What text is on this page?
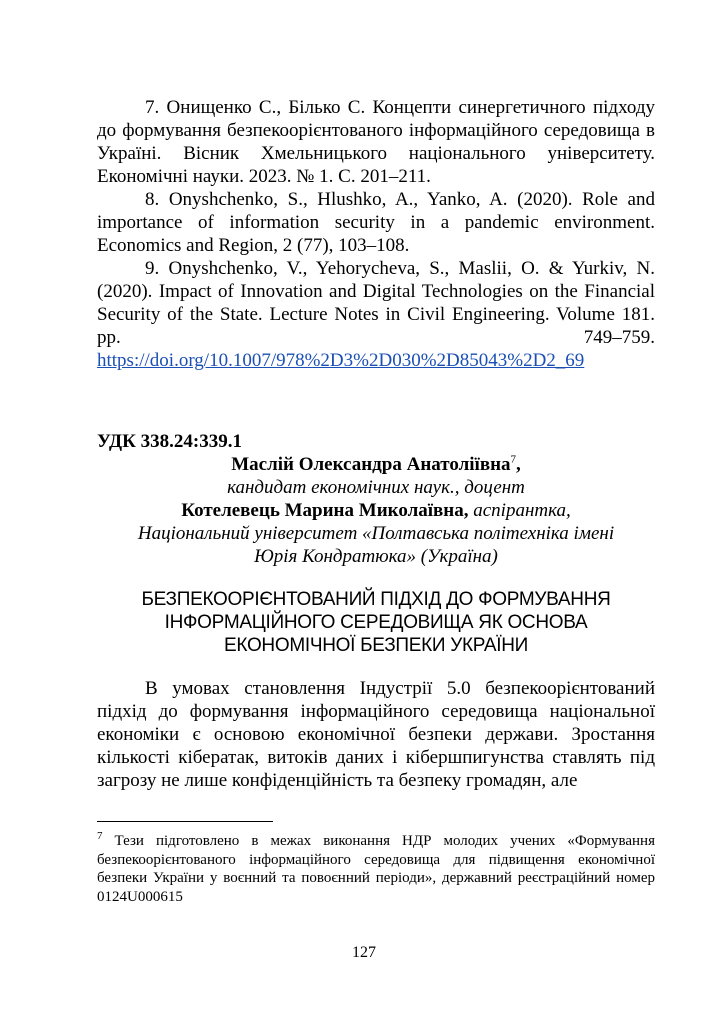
7. Онищенко С., Білько С. Концепти синергетичного підходу до формування безпекоорієнтованого інформаційного середовища в Україні. Вісник Хмельницького національного університету. Економічні науки. 2023. № 1. С. 201–211.

8. Onyshchenko, S., Hlushko, A., Yanko, A. (2020). Role and importance of information security in a pandemic environment. Economics and Region, 2 (77), 103–108.

9. Onyshchenko, V., Yehorycheva, S., Maslii, O. & Yurkiv, N. (2020). Impact of Innovation and Digital Technologies on the Financial Security of the State. Lecture Notes in Civil Engineering. Volume 181. pp. 749–759. https://doi.org/10.1007/978%2D3%2D030%2D85043%2D2_69

УДК 338.24:339.1
Маслій Олександра Анатоліївна$^7$,
кандидат економічних наук., доцент
Котелевець Марина Миколаївна, аспірантка,
Національний університет «Полтавська політехніка імені Юрія Кондратюка» (Україна)
БЕЗПЕКООРІЄНТОВАНИЙ ПІДХІД ДО ФОРМУВАННЯ ІНФОРМАЦІЙНОГО СЕРЕДОВИЩА ЯК ОСНОВА ЕКОНОМІЧНОЇ БЕЗПЕКИ УКРАЇНИ

В умовах становлення Індустрії 5.0 безпекоорієнтований підхід до формування інформаційного середовища національної економіки є основою економічної безпеки держави. Зростання кількості кібератак, витоків даних і кібершпигунства ставлять під загрозу не лише конфіденційність та безпеку громадян, але

$^7$ Тези підготовлено в межах виконання НДР молодих учених «Формування безпекоорієнтованого інформаційного середовища для підвищення економічної безпеки України у воєнний та повоєнний періоди», державний реєстраційний номер 0124U000615

127
